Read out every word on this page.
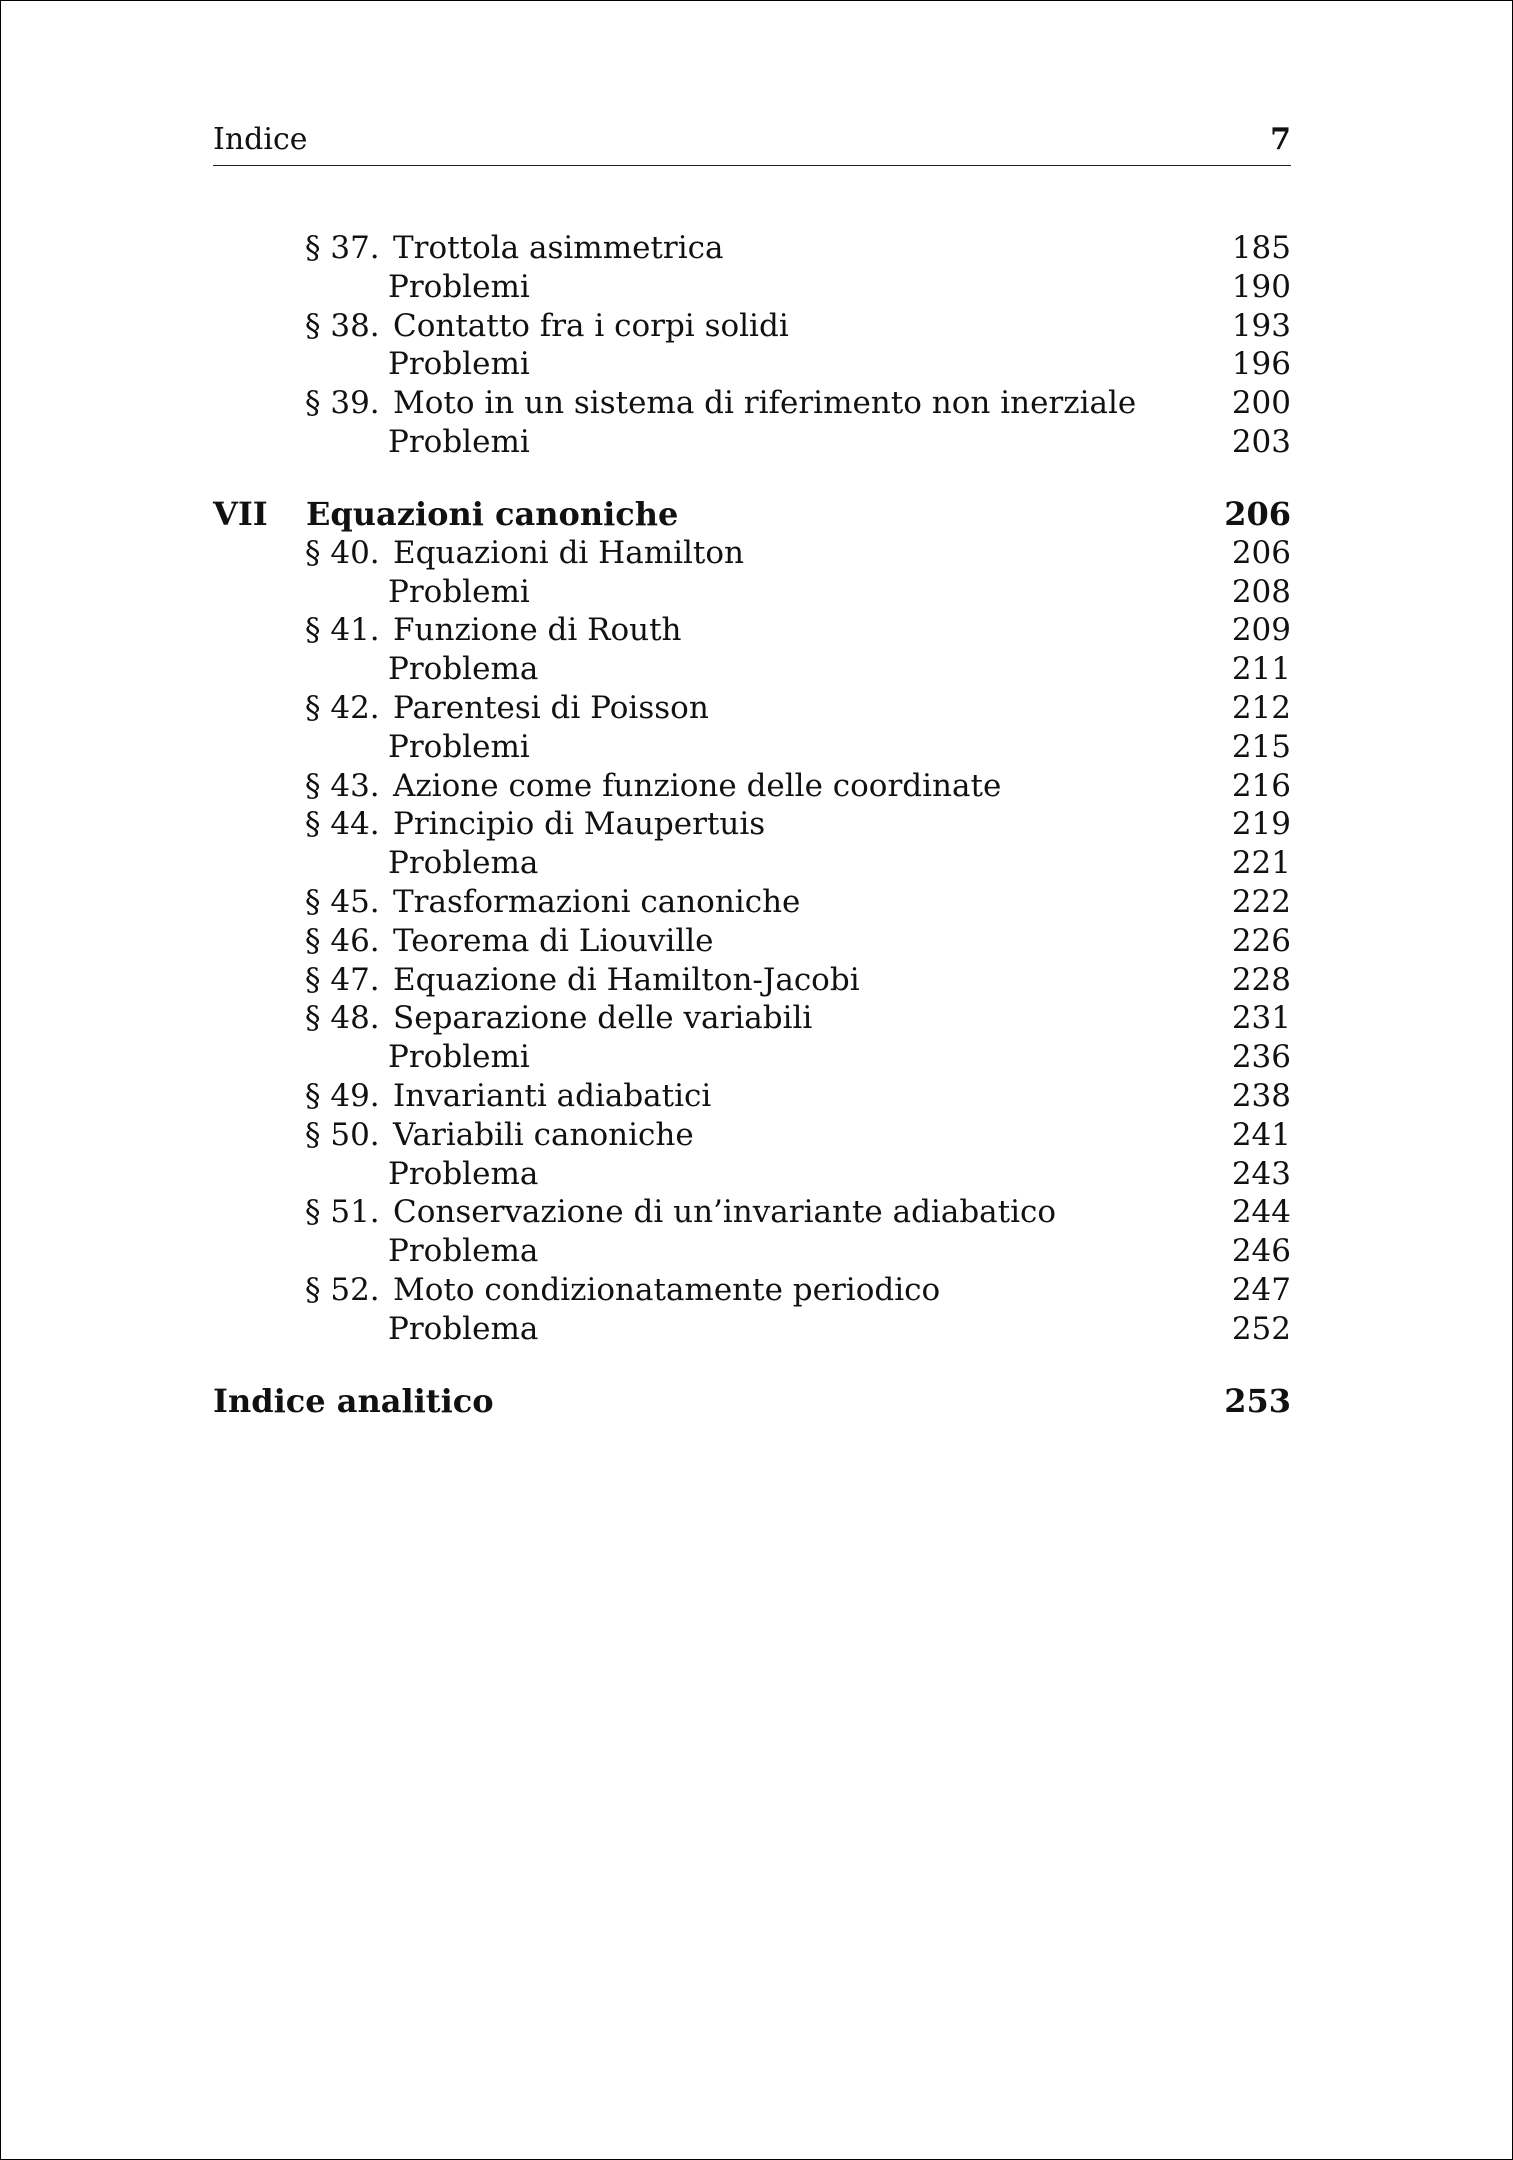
Indice	7
§ 37. Trottola asimmetrica	185
Problemi	190
§ 38. Contatto fra i corpi solidi	193
Problemi	196
§ 39. Moto in un sistema di riferimento non inerziale	200
Problemi	203
VII Equazioni canoniche	206
§ 40. Equazioni di Hamilton	206
Problemi	208
§ 41. Funzione di Routh	209
Problema	211
§ 42. Parentesi di Poisson	212
Problemi	215
§ 43. Azione come funzione delle coordinate	216
§ 44. Principio di Maupertuis	219
Problema	221
§ 45. Trasformazioni canoniche	222
§ 46. Teorema di Liouville	226
§ 47. Equazione di Hamilton-Jacobi	228
§ 48. Separazione delle variabili	231
Problemi	236
§ 49. Invarianti adiabatici	238
§ 50. Variabili canoniche	241
Problema	243
§ 51. Conservazione di un’invariante adiabatico	244
Problema	246
§ 52. Moto condizionatamente periodico	247
Problema	252
Indice analitico	253
